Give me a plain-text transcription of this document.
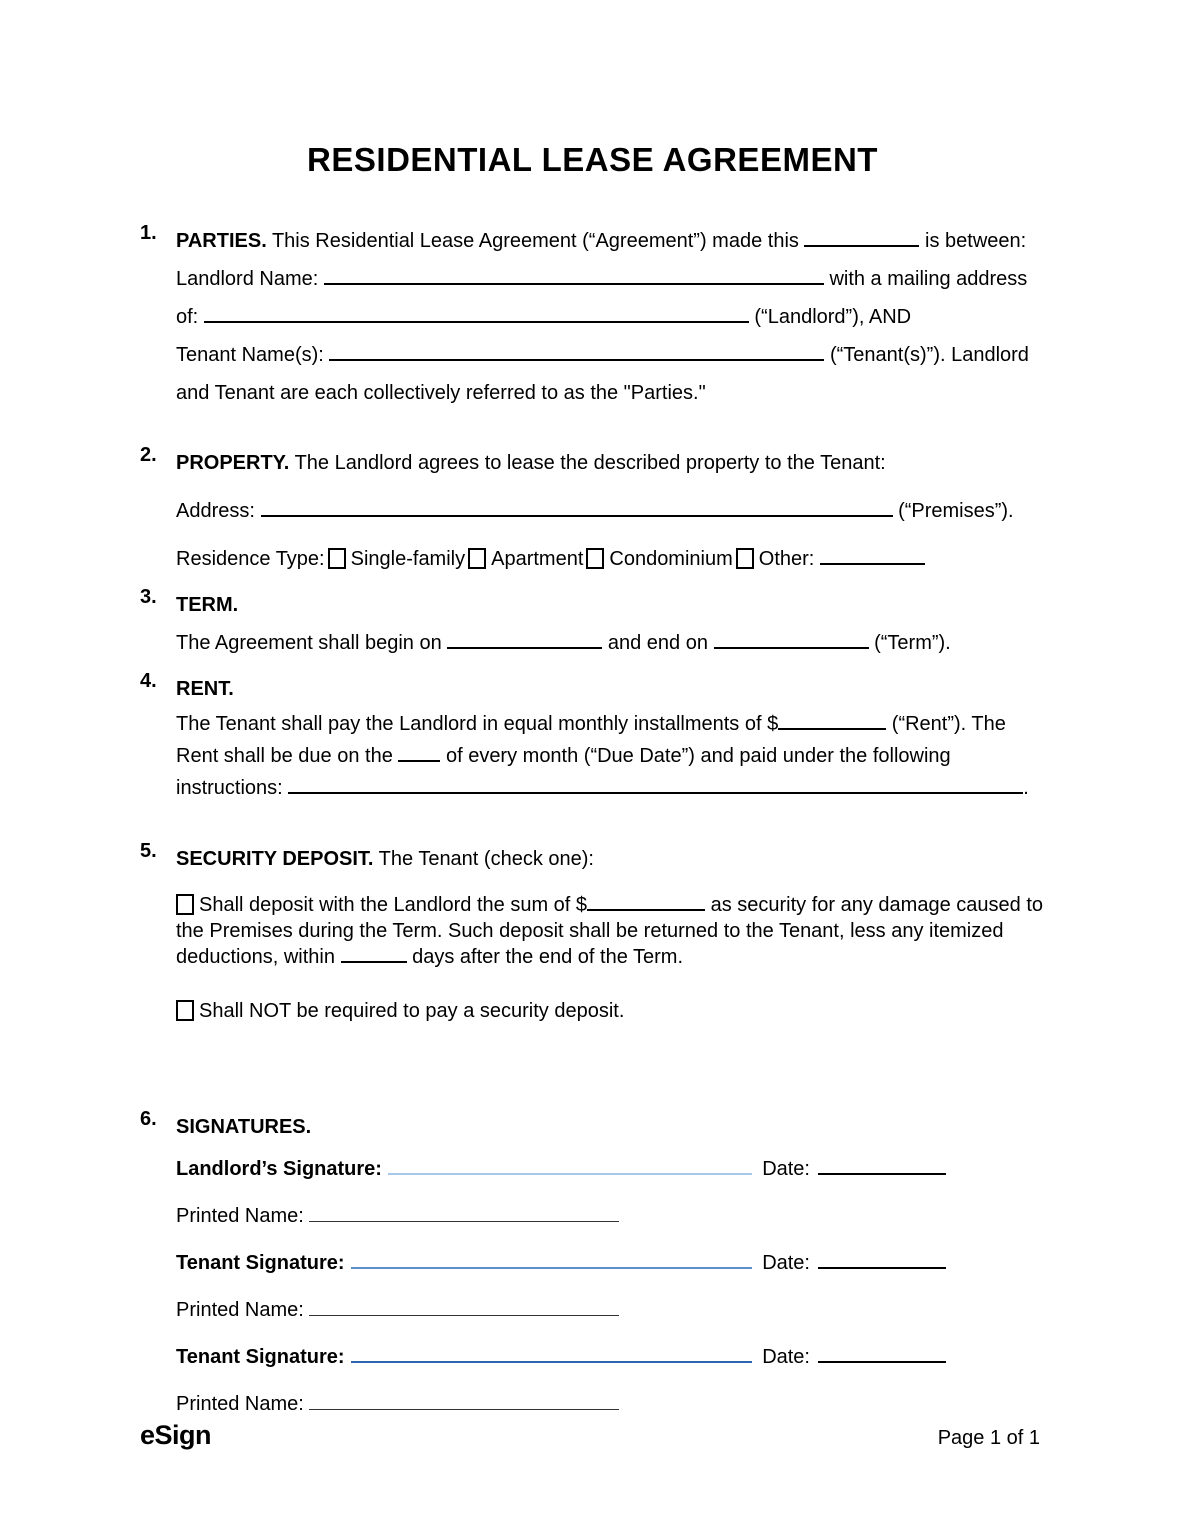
RESIDENTIAL LEASE AGREEMENT
1. PARTIES. This Residential Lease Agreement (“Agreement”) made this	is between:
Landlord Name:	with a mailing address
of:	(“Landlord”), AND
Tenant Name(s):	(“Tenant(s)”). Landlord
and Tenant are each collectively referred to as the "Parties."
2. PROPERTY. The Landlord agrees to lease the described property to the Tenant:
Address:	(“Premises”).
Residence Type: Single-family Apartment Condominium Other:
3. TERM.
The Agreement shall begin on	and end on	(“Term”).
4. RENT.
The Tenant shall pay the Landlord in equal monthly installments of $	(“Rent”). The
Rent shall be due on the	of every month (“Due Date”) and paid under the following
instructions:	.
5. SECURITY DEPOSIT. The Tenant (check one):
Shall deposit with the Landlord the sum of $	as security for any damage caused to the Premises during the Term. Such deposit shall be returned to the Tenant, less any itemized deductions, within	days after the end of the Term.
Shall NOT be required to pay a security deposit.
6. SIGNATURES.
Landlord’s Signature:	Date:
Printed Name:
Tenant Signature:	Date:
Printed Name:
Tenant Signature:	Date:
Printed Name:
eSign	Page 1 of 1
